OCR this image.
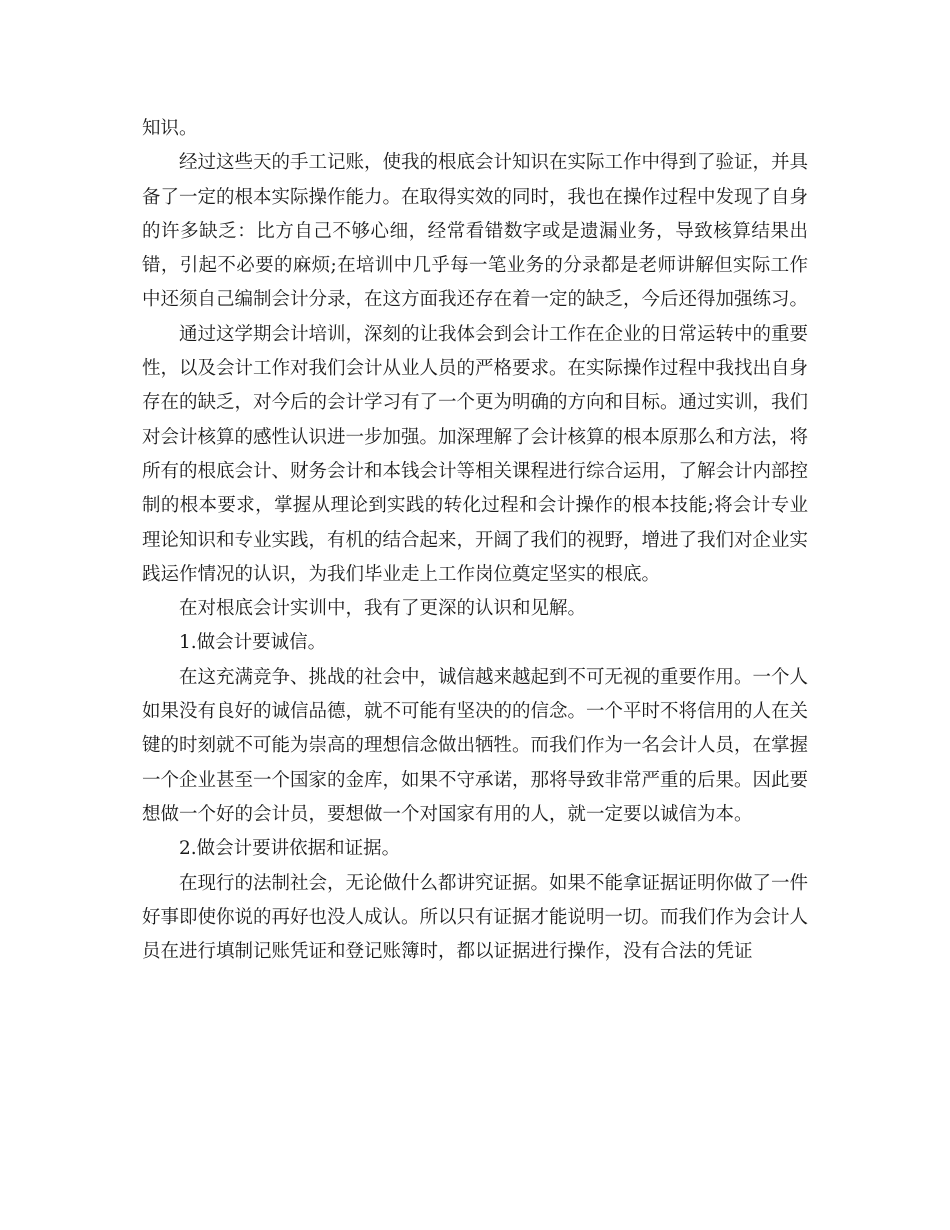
知识。

经过这些天的手工记账，使我的根底会计知识在实际工作中得到了验证，并具备了一定的根本实际操作能力。在取得实效的同时，我也在操作过程中发现了自身的许多缺乏：比方自己不够心细，经常看错数字或是遗漏业务，导致核算结果出错，引起不必要的麻烦;在培训中几乎每一笔业务的分录都是老师讲解但实际工作中还须自己编制会计分录，在这方面我还存在着一定的缺乏，今后还得加强练习。

通过这学期会计培训，深刻的让我体会到会计工作在企业的日常运转中的重要性，以及会计工作对我们会计从业人员的严格要求。在实际操作过程中我找出自身存在的缺乏，对今后的会计学习有了一个更为明确的方向和目标。通过实训，我们对会计核算的感性认识进一步加强。加深理解了会计核算的根本原那么和方法，将所有的根底会计、财务会计和本钱会计等相关课程进行综合运用，了解会计内部控制的根本要求，掌握从理论到实践的转化过程和会计操作的根本技能;将会计专业理论知识和专业实践，有机的结合起来，开阔了我们的视野，增进了我们对企业实践运作情况的认识，为我们毕业走上工作岗位奠定坚实的根底。

在对根底会计实训中，我有了更深的认识和见解。

1.做会计要诚信。

在这充满竞争、挑战的社会中，诚信越来越起到不可无视的重要作用。一个人如果没有良好的诚信品德，就不可能有坚决的的信念。一个平时不将信用的人在关键的时刻就不可能为崇高的理想信念做出牺牲。而我们作为一名会计人员，在掌握一个企业甚至一个国家的金库，如果不守承诺，那将导致非常严重的后果。因此要想做一个好的会计员，要想做一个对国家有用的人，就一定要以诚信为本。

2.做会计要讲依据和证据。

在现行的法制社会，无论做什么都讲究证据。如果不能拿证据证明你做了一件好事即使你说的再好也没人成认。所以只有证据才能说明一切。而我们作为会计人员在进行填制记账凭证和登记账簿时，都以证据进行操作，没有合法的凭证
